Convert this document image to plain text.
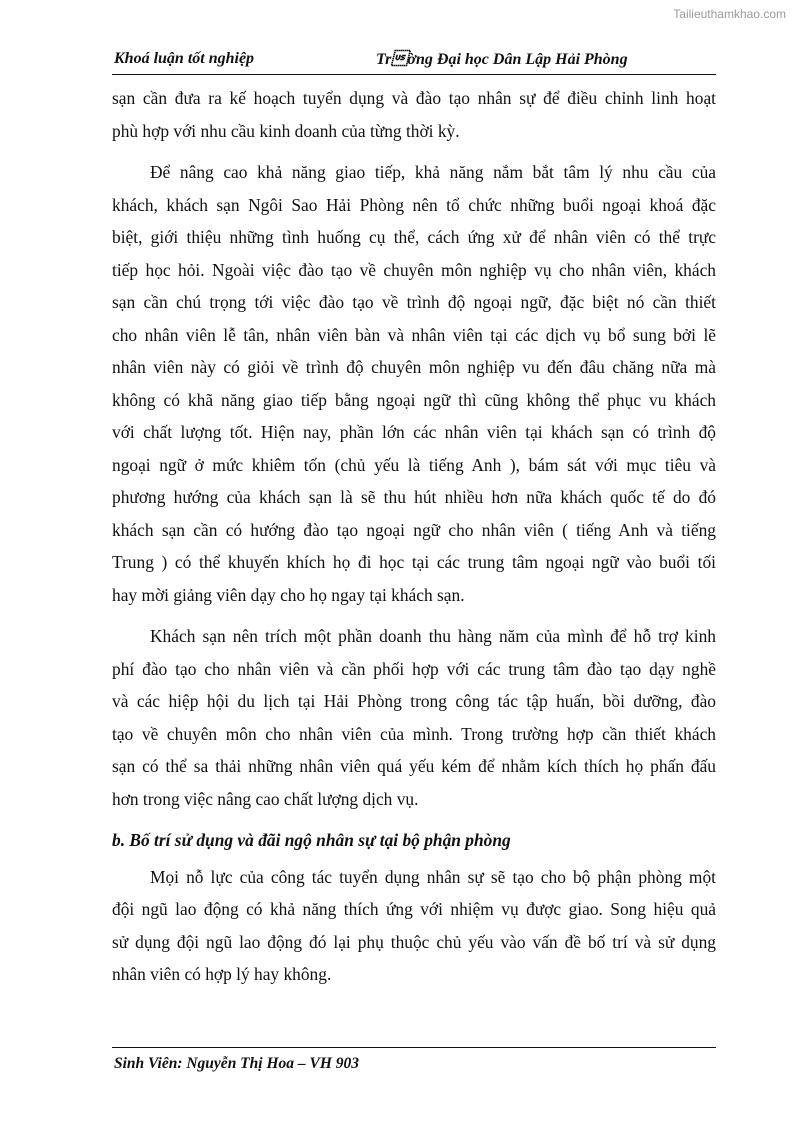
Tailieuthamkhao.com
Khoá luận tốt nghiệp	Trờng Đại học Dân Lập Hải Phòng
sạn cần đưa ra kế hoạch tuyển dụng và đào tạo nhân sự để điều chỉnh linh hoạt
phù hợp với nhu cầu kinh doanh của từng thời kỳ.
Để nâng cao khả năng giao tiếp, khả năng nắm bắt tâm lý nhu cầu của
khách, khách sạn Ngôi Sao Hải Phòng nên tổ chức những buổi ngoại khoá đặc
biệt, giới thiệu những tình huống cụ thể, cách ứng xử để nhân viên có thể trực
tiếp học hỏi. Ngoài việc đào tạo về chuyên môn nghiệp vụ cho nhân viên, khách
sạn cần chú trọng tới việc đào tạo về trình độ ngoại ngữ, đặc biệt nó cần thiết
cho nhân viên lễ tân, nhân viên bàn và nhân viên tại các dịch vụ bổ sung bởi lẽ
nhân viên này có giỏi về trình độ chuyên môn nghiệp vu đến đâu chăng nữa mà
không có khã năng giao tiếp bằng ngoại ngữ thì cũng không thể phục vu khách
với chất lượng tốt. Hiện nay, phần lớn các nhân viên tại khách sạn có trình độ
ngoại ngữ ở mức khiêm tốn (chủ yếu là tiếng Anh ), bám sát với mục tiêu và
phương hướng của khách sạn là sẽ thu hút nhiều hơn nữa khách quốc tế do đó
khách sạn cần có hướng đào tạo ngoại ngữ cho nhân viên ( tiếng Anh và tiếng
Trung ) có thể khuyến khích họ đi học tại các trung tâm ngoại ngữ vào buổi tối
hay mời giảng viên dạy cho họ ngay tại khách sạn.
Khách sạn nên trích một phần doanh thu hàng năm của mình để hỗ trợ kinh
phí đào tạo cho nhân viên và cần phối hợp với các trung tâm đào tạo dạy nghề
và các hiệp hội du lịch tại Hải Phòng trong công tác tập huấn, bồi dưỡng, đào
tạo về chuyên môn cho nhân viên của mình. Trong trường hợp cần thiết khách
sạn có thể sa thải những nhân viên quá yếu kém để nhằm kích thích họ phấn đấu
hơn trong việc nâng cao chất lượng dịch vụ.
b. Bố trí sử dụng và đãi ngộ nhân sự tại bộ phận phòng
Mọi nỗ lực của công tác tuyển dụng nhân sự sẽ tạo cho bộ phận phòng một
đội ngũ lao động có khả năng thích ứng với nhiệm vụ được giao. Song hiệu quả
sử dụng đội ngũ lao động đó lại phụ thuộc chủ yếu vào vấn đề bố trí và sử dụng
nhân viên có hợp lý hay không.
Sinh Viên: Nguyễn Thị Hoa – VH 903
